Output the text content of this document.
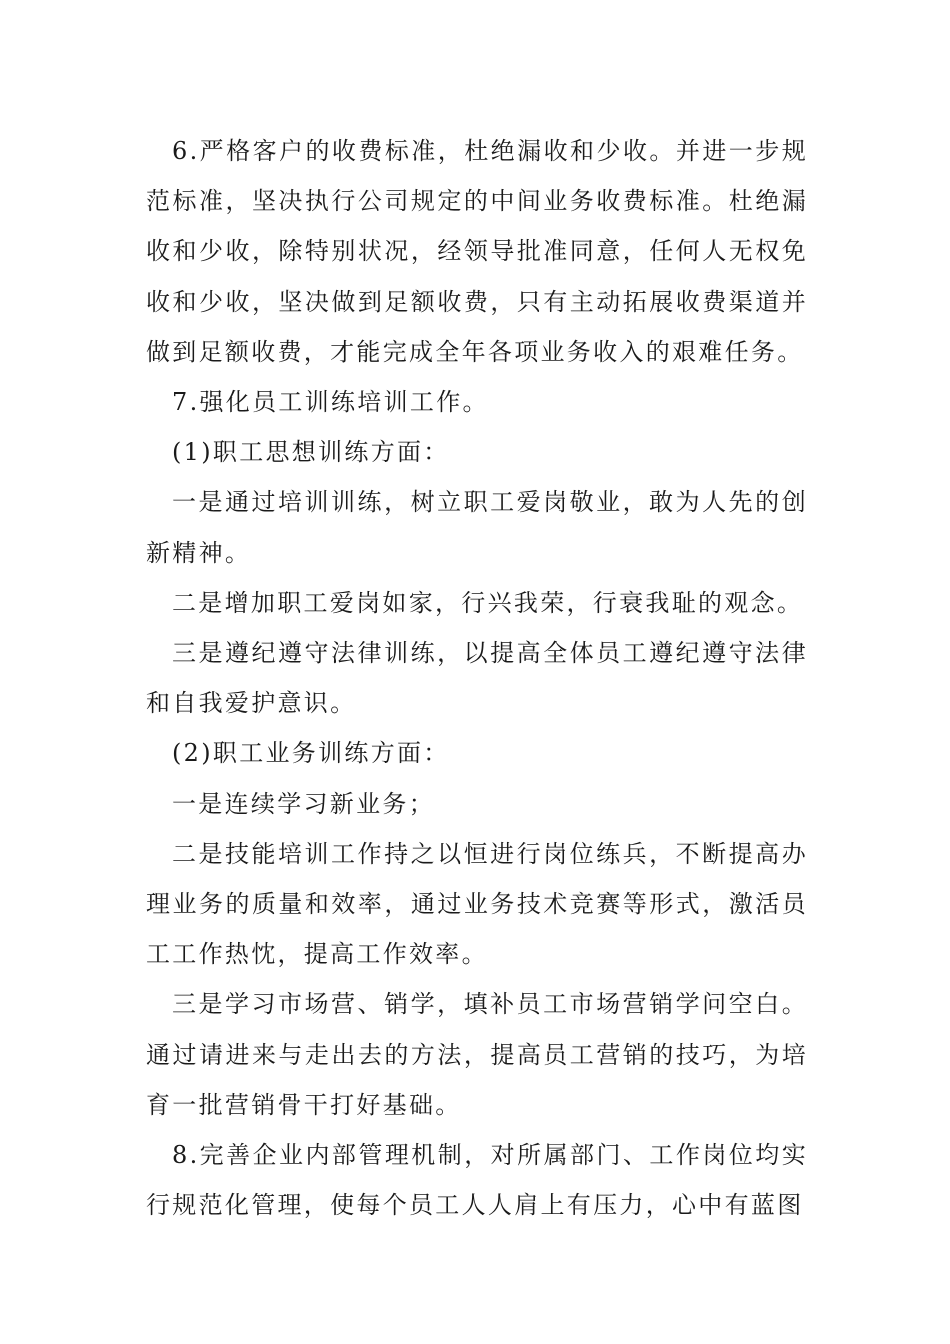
6.严格客户的收费标准，杜绝漏收和少收。并进一步规范标准，坚决执行公司规定的中间业务收费标准。杜绝漏收和少收，除特别状况，经领导批准同意，任何人无权免收和少收，坚决做到足额收费，只有主动拓展收费渠道并做到足额收费，才能完成全年各项业务收入的艰难任务。

7.强化员工训练培训工作。

(1)职工思想训练方面：

一是通过培训训练，树立职工爱岗敬业，敢为人先的创新精神。

二是增加职工爱岗如家，行兴我荣，行衰我耻的观念。

三是遵纪遵守法律训练，以提高全体员工遵纪遵守法律和自我爱护意识。

(2)职工业务训练方面：

一是连续学习新业务；

二是技能培训工作持之以恒进行岗位练兵，不断提高办理业务的质量和效率，通过业务技术竞赛等形式，激活员工工作热忱，提高工作效率。

三是学习市场营、销学，填补员工市场营销学问空白。通过请进来与走出去的方法，提高员工营销的技巧，为培育一批营销骨干打好基础。

8.完善企业内部管理机制，对所属部门、工作岗位均实行规范化管理，使每个员工人人肩上有压力，心中有蓝图
